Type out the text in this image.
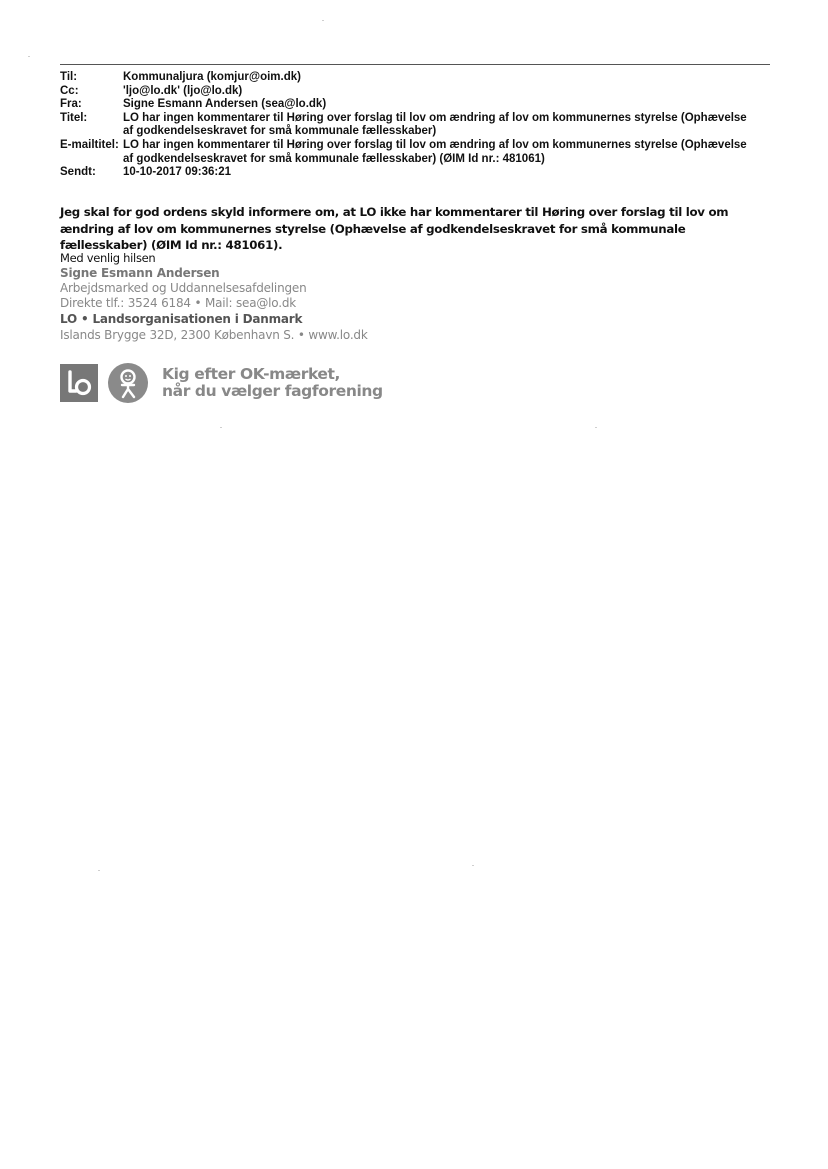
Til:	Kommunaljura (komjur@oim.dk)
Cc:	'ljo@lo.dk' (ljo@lo.dk)
Fra:	Signe Esmann Andersen (sea@lo.dk)
Titel:	LO har ingen kommentarer til Høring over forslag til lov om ændring af lov om kommunernes styrelse (Ophævelse af godkendelseskravet for små kommunale fællesskaber)
E-mailtitel: LO har ingen kommentarer til Høring over forslag til lov om ændring af lov om kommunernes styrelse (Ophævelse af godkendelseskravet for små kommunale fællesskaber) (ØIM Id nr.: 481061)
Sendt:	10-10-2017 09:36:21
Jeg skal for god ordens skyld informere om, at LO ikke har kommentarer til Høring over forslag til lov om ændring af lov om kommunernes styrelse (Ophævelse af godkendelseskravet for små kommunale fællesskaber) (ØIM Id nr.: 481061).
Med venlig hilsen
Signe Esmann Andersen
Arbejdsmarked og Uddannelsesafdelingen
Direkte tlf.: 3524 6184 • Mail: sea@lo.dk
LO • Landsorganisationen i Danmark
Islands Brygge 32D, 2300 København S. • www.lo.dk
Kig efter OK-mærket,
når du vælger fagforening
